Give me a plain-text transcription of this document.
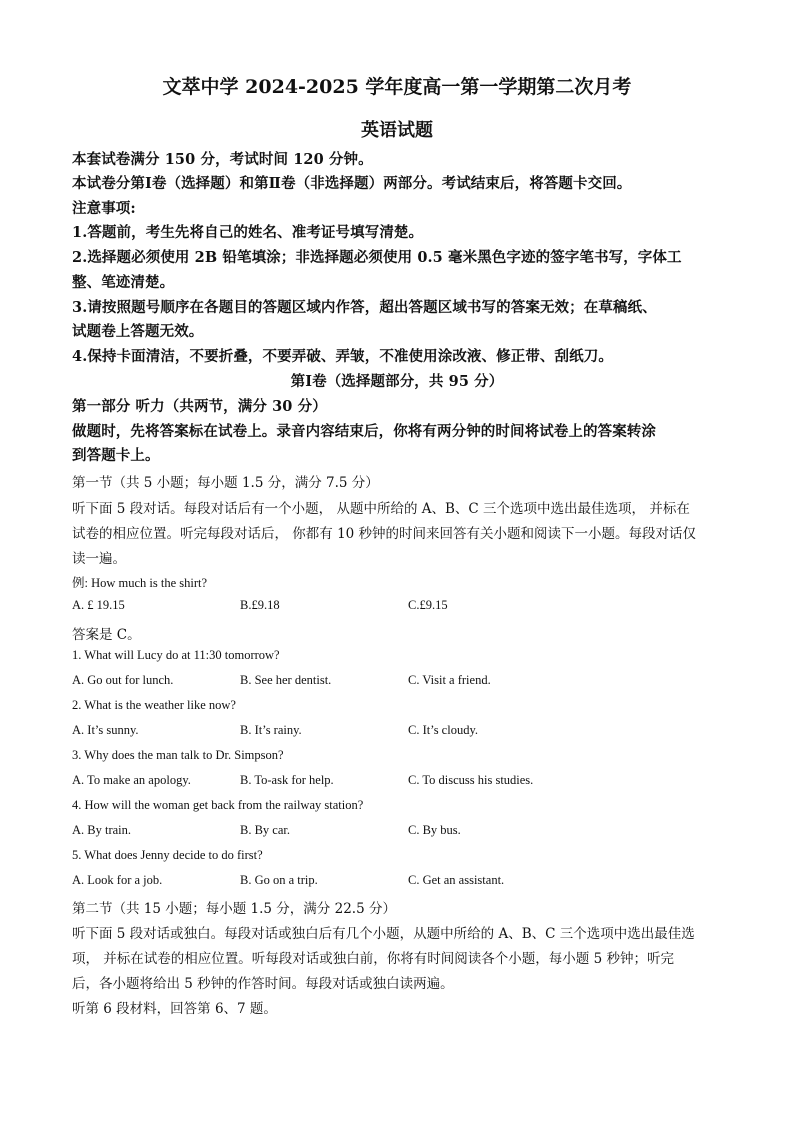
文萃中学 2024-2025 学年度高一第一学期第二次月考
英语试题
本套试卷满分 150 分，考试时间 120 分钟。
本试卷分第Ⅰ卷（选择题）和第Ⅱ卷（非选择题）两部分。考试结束后，将答题卡交回。
注意事项:
1.答题前，考生先将自己的姓名、准考证号填写清楚。
2.选择题必须使用 2B 铅笔填涂；非选择题必须使用 0.5 毫米黑色字迹的签字笔书写，字体工
整、笔迹清楚。
3.请按照题号顺序在各题目的答题区域内作答，超出答题区域书写的答案无效；在草稿纸、
试题卷上答题无效。
4.保持卡面清洁，不要折叠，不要弄破、弄皱，不准使用涂改液、修正带、刮纸刀。
第Ⅰ卷（选择题部分，共 95 分）
第一部分 听力（共两节，满分 30 分）
做题时，先将答案标在试卷上。录音内容结束后，你将有两分钟的时间将试卷上的答案转涂
到答题卡上。
第一节（共 5 小题；每小题 1.5 分，满分 7.5 分）
听下面 5 段对话。每段对话后有一个小题， 从题中所给的 A、B、C 三个选项中选出最佳选项， 并标在
试卷的相应位置。听完每段对话后， 你都有 10 秒钟的时间来回答有关小题和阅读下一小题。每段对话仅
读一遍。
例: How much is the shirt?
A. £ 19.15	B.£9.18	C.£9.15
答案是 C。
1. What will Lucy do at 11:30 tomorrow?
A. Go out for lunch.	B. See her dentist.	C. Visit a friend.
2. What is the weather like now?
A. It’s sunny.	B. It’s rainy.	C. It’s cloudy.
3. Why does the man talk to Dr. Simpson?
A. To make an apology.	B. To-ask for help.	C. To discuss his studies.
4. How will the woman get back from the railway station?
A. By train.	B. By car.	C. By bus.
5. What does Jenny decide to do first?
A. Look for a job.	B. Go on a trip.	C. Get an assistant.
第二节（共 15 小题；每小题 1.5 分，满分 22.5 分）
听下面 5 段对话或独白。每段对话或独白后有几个小题，从题中所给的 A、B、C 三个选项中选出最佳选
项， 并标在试卷的相应位置。听每段对话或独白前，你将有时间阅读各个小题，每小题 5 秒钟；听完
后，各小题将给出 5 秒钟的作答时间。每段对话或独白读两遍。
听第 6 段材料，回答第 6、7 题。
